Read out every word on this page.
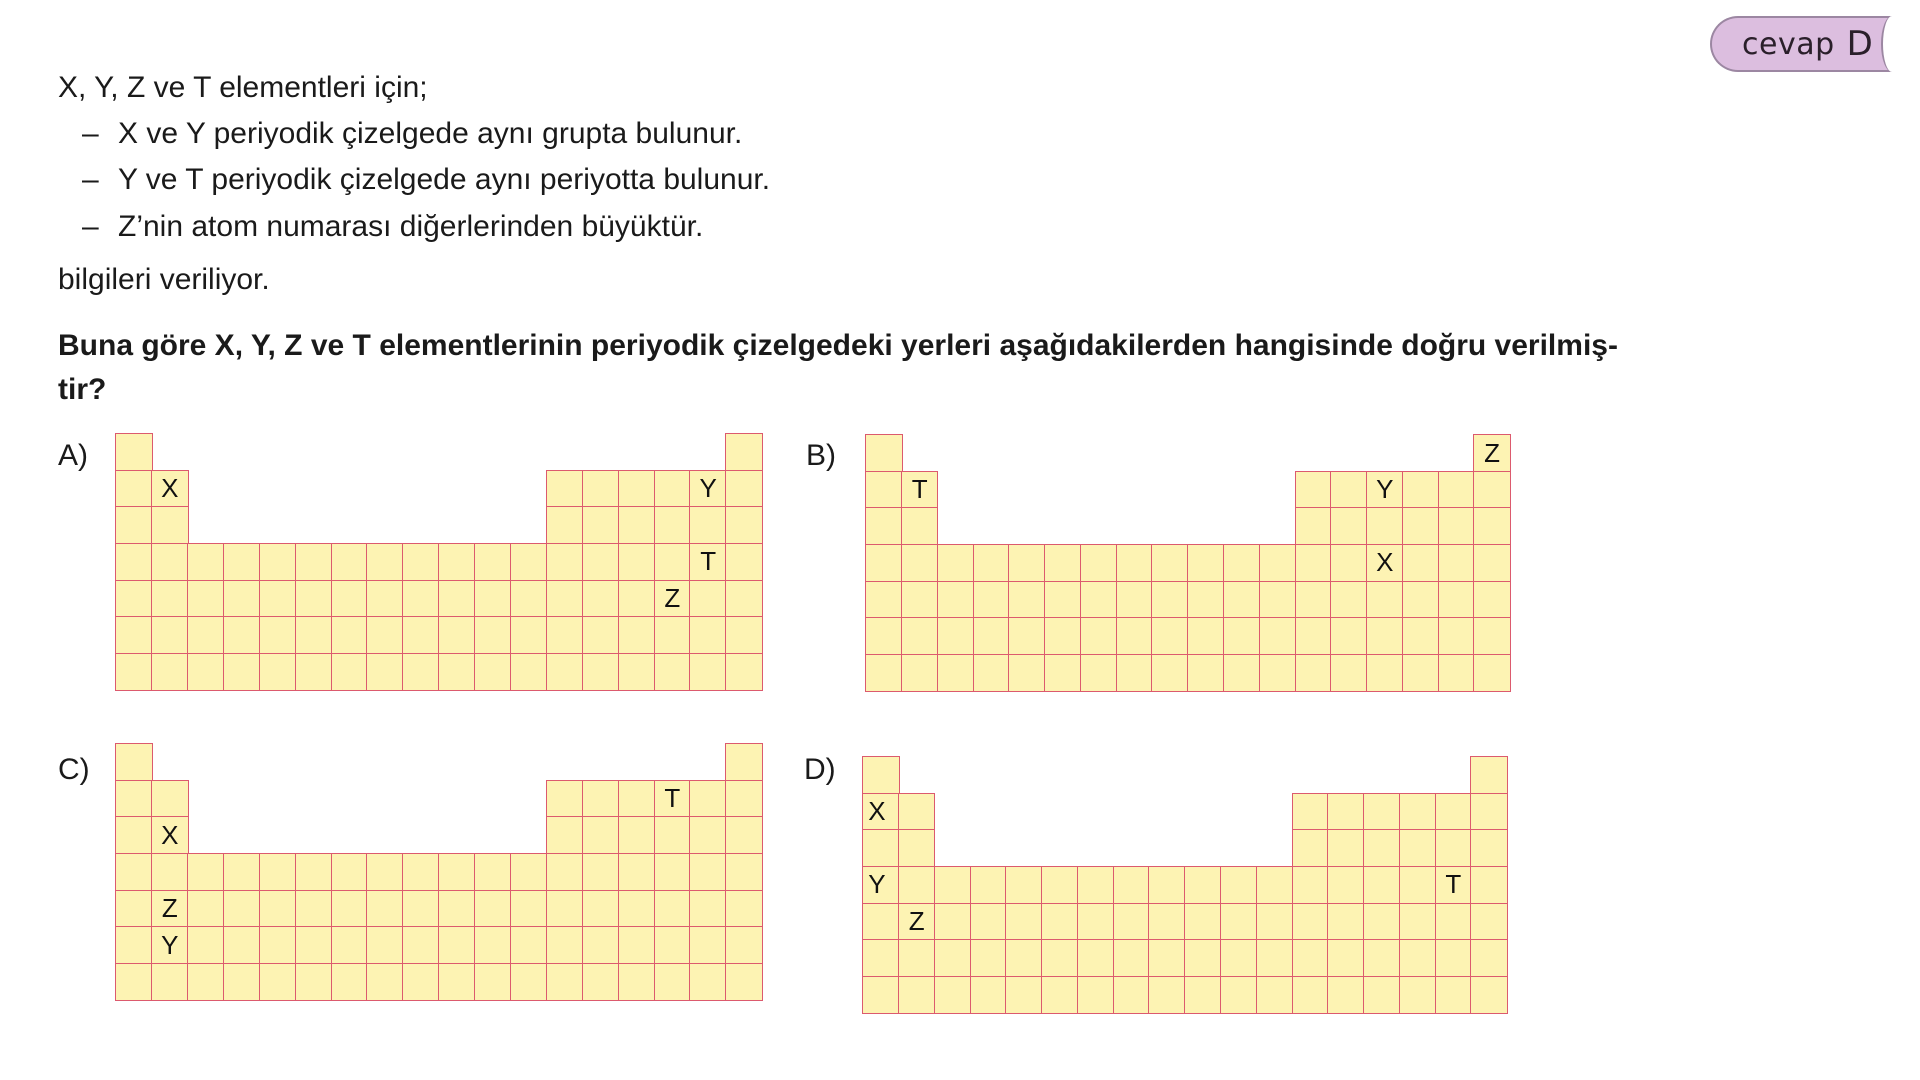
cevap D
X, Y, Z ve T elementleri için;
– X ve Y periyodik çizelgede aynı grupta bulunur.
– Y ve T periyodik çizelgede aynı periyotta bulunur.
– Z’nin atom numarası diğerlerinden büyüktür.
bilgileri veriliyor.
Buna göre X, Y, Z ve T elementlerinin periyodik çizelgedeki yerleri aşağıdakilerden hangisinde doğru verilmiş-
tir?
A)
X	Y
T
Z
B)	Z
T	Y
X
C)
T
X
Z
Y
D)
X
Y	T
Z
